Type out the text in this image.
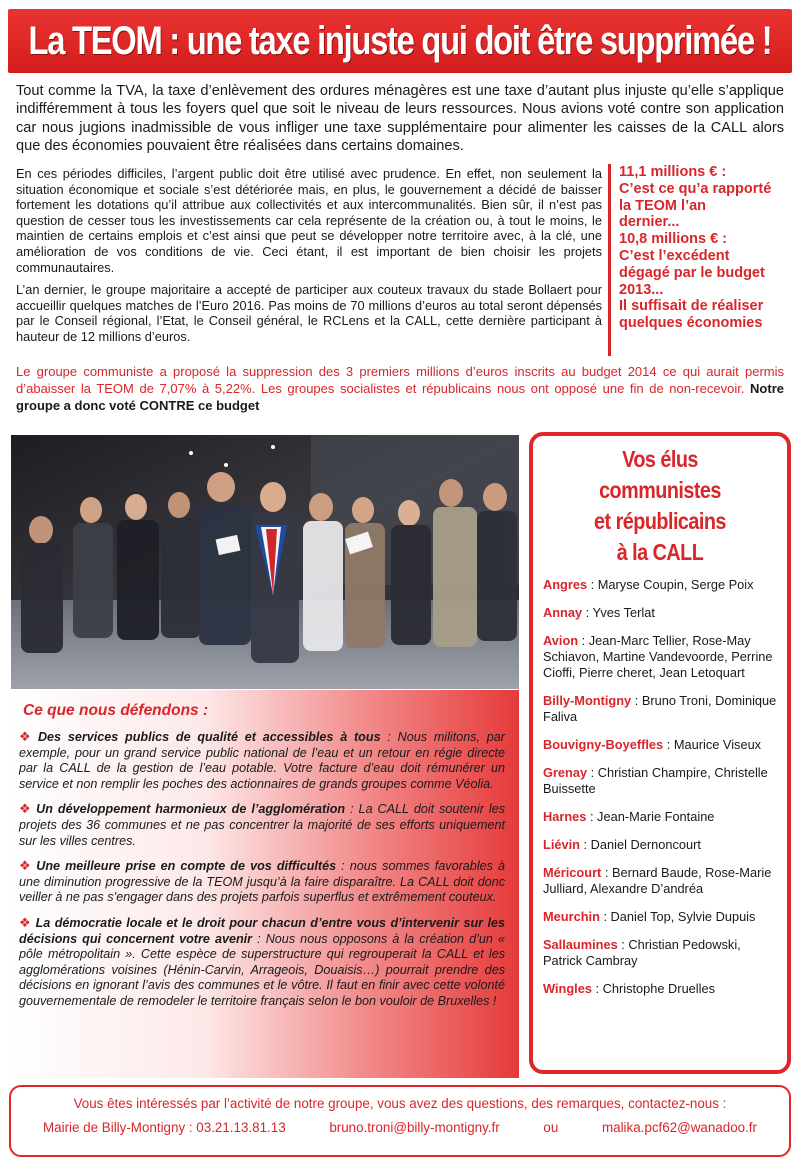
La TEOM : une taxe injuste qui doit être supprimée !

Tout comme la TVA, la taxe d’enlèvement des ordures ménagères est une taxe d’autant plus injuste qu’elle s’applique indifféremment à tous les foyers quel que soit le niveau de leurs ressources. Nous avions voté contre son application car nous jugions inadmissible de vous infliger une taxe supplémentaire pour alimenter les caisses de la CALL alors que des économies pouvaient être réalisées dans certains domaines.

En ces périodes difficiles, l’argent public doit être utilisé avec prudence. En effet, non seulement la situation économique et sociale s’est détériorée mais, en plus, le gouvernement a décidé de baisser fortement les dotations qu’il attribue aux collectivités et aux intercommunalités. Bien sûr, il n’est pas question de cesser tous les investissements car cela représente de la création ou, à tout le moins, le maintien de certains emplois et c’est ainsi que peut se développer notre territoire avec, à la clé, une amélioration de vos conditions de vie. Ceci étant, il est important de bien choisir les projets communautaires.

L’an dernier, le groupe majoritaire a accepté de participer aux couteux travaux du stade Bollaert pour accueillir quelques matches de l’Euro 2016. Pas moins de 70 millions d’euros au total seront dépensés par le Conseil régional, l’Etat, le Conseil général, le RCLens et la CALL, cette dernière participant à hauteur de 12 millions d’euros.

11,1 millions € :
C’est ce qu’a rapporté
la TEOM l’an
dernier...
10,8 millions € :
C’est l’excédent
dégagé par le budget
2013...
Il suffisait de réaliser
quelques économies

Le groupe communiste a proposé la suppression des 3 premiers millions d’euros inscrits au budget 2014 ce qui aurait permis d’abaisser la TEOM de 7,07% à 5,22%. Les groupes socialistes et républicains nous ont opposé une fin de non-recevoir. Notre groupe a donc voté CONTRE ce budget

Ce que nous défendons :

❖ Des services publics de qualité et accessibles à tous : Nous militons, par exemple, pour un grand service public national de l’eau et un retour en régie directe par la CALL de la gestion de l’eau potable. Votre facture d’eau doit rémunérer un service et non remplir les poches des actionnaires de grands groupes comme Véolia.

❖ Un développement harmonieux de l’agglomération : La CALL doit soutenir les projets des 36 communes et ne pas concentrer la majorité de ses efforts uniquement sur les villes centres.

❖ Une meilleure prise en compte de vos difficultés : nous sommes favorables à une diminution progressive de la TEOM jusqu’à la faire disparaître. La CALL doit donc veiller à ne pas s’engager dans des projets parfois superflus et extrêmement couteux.

❖ La démocratie locale et le droit pour chacun d’entre vous d’intervenir sur les décisions qui concernent votre avenir : Nous nous opposons à la création d’un « pôle métropolitain ». Cette espèce de superstructure qui regrouperait la CALL et les agglomérations voisines (Hénin-Carvin, Arrageois, Douaisis…) pourrait prendre des décisions en ignorant l’avis des communes et le vôtre. Il faut en finir avec cette volonté gouvernementale de remodeler le territoire français selon le bon vouloir de Bruxelles !

Vos élus communistes
et républicains
à la CALL
Angres : Maryse Coupin, Serge Poix
Annay : Yves Terlat
Avion : Jean-Marc Tellier, Rose-May Schiavon, Martine Vandevoorde, Perrine Cioffi, Pierre cheret, Jean Letoquart
Billy-Montigny : Bruno Troni, Dominique Faliva
Bouvigny-Boyeffles : Maurice Viseux
Grenay : Christian Champire, Christelle Buissette
Harnes : Jean-Marie Fontaine
Liévin : Daniel Dernoncourt
Méricourt : Bernard Baude, Rose-Marie Julliard, Alexandre D’andréa
Meurchin : Daniel Top, Sylvie Dupuis
Sallaumines : Christian Pedowski, Patrick Cambray
Wingles : Christophe Druelles
Vous êtes intéressés par l’activité de notre groupe, vous avez des questions, des remarques, contactez-nous :
Mairie de Billy-Montigny : 03.21.13.81.13	bruno.troni@billy-montigny.fr	ou	malika.pcf62@wanadoo.fr
